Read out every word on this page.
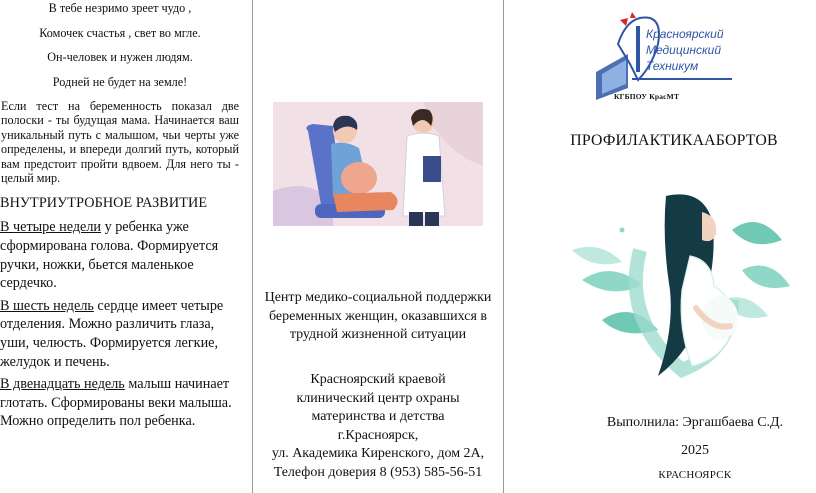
В тебе незримо зреет чудо ,

Комочек счастья , свет во мгле.

Он-человек и нужен людям.

Родней не будет на земле!

Если тест на беременность показал две полоски - ты будущая мама. Начинается ваш уникальный путь с малышом, чьи черты уже определены, и впереди долгий путь, который вам предстоит пройти вдвоем. Для него ты - целый мир.
ВНУТРИУТРОБНОЕ РАЗВИТИЕ

В четыре недели у ребенка уже сформирована голова. Формируется ручки, ножки, бьется маленькое сердечко.

В шесть недель сердце имеет четыре отделения. Можно различить глаза, уши, челюсть. Формируется легкие, желудок и печень.

В двенадцать недель малыш начинает глотать. Сформированы веки малыша. Можно определить пол ребенка.

Центр медико-социальной поддержки беременных женщин, оказавшихся в трудной жизненной ситуации
Красноярский краевой
клинический центр охраны
материнства и детства
г.Красноярск,
ул. Академика Киренского, дом 2А,
Телефон доверия 8 (953) 585-56-51
Красноярский
Медицинский
Техникум
КГБПОУ КрасМТ
ПРОФИЛАКТИКААБОРТОВ
Выполнила: Эргашбаева С.Д.
2025
КРАСНОЯРСК
